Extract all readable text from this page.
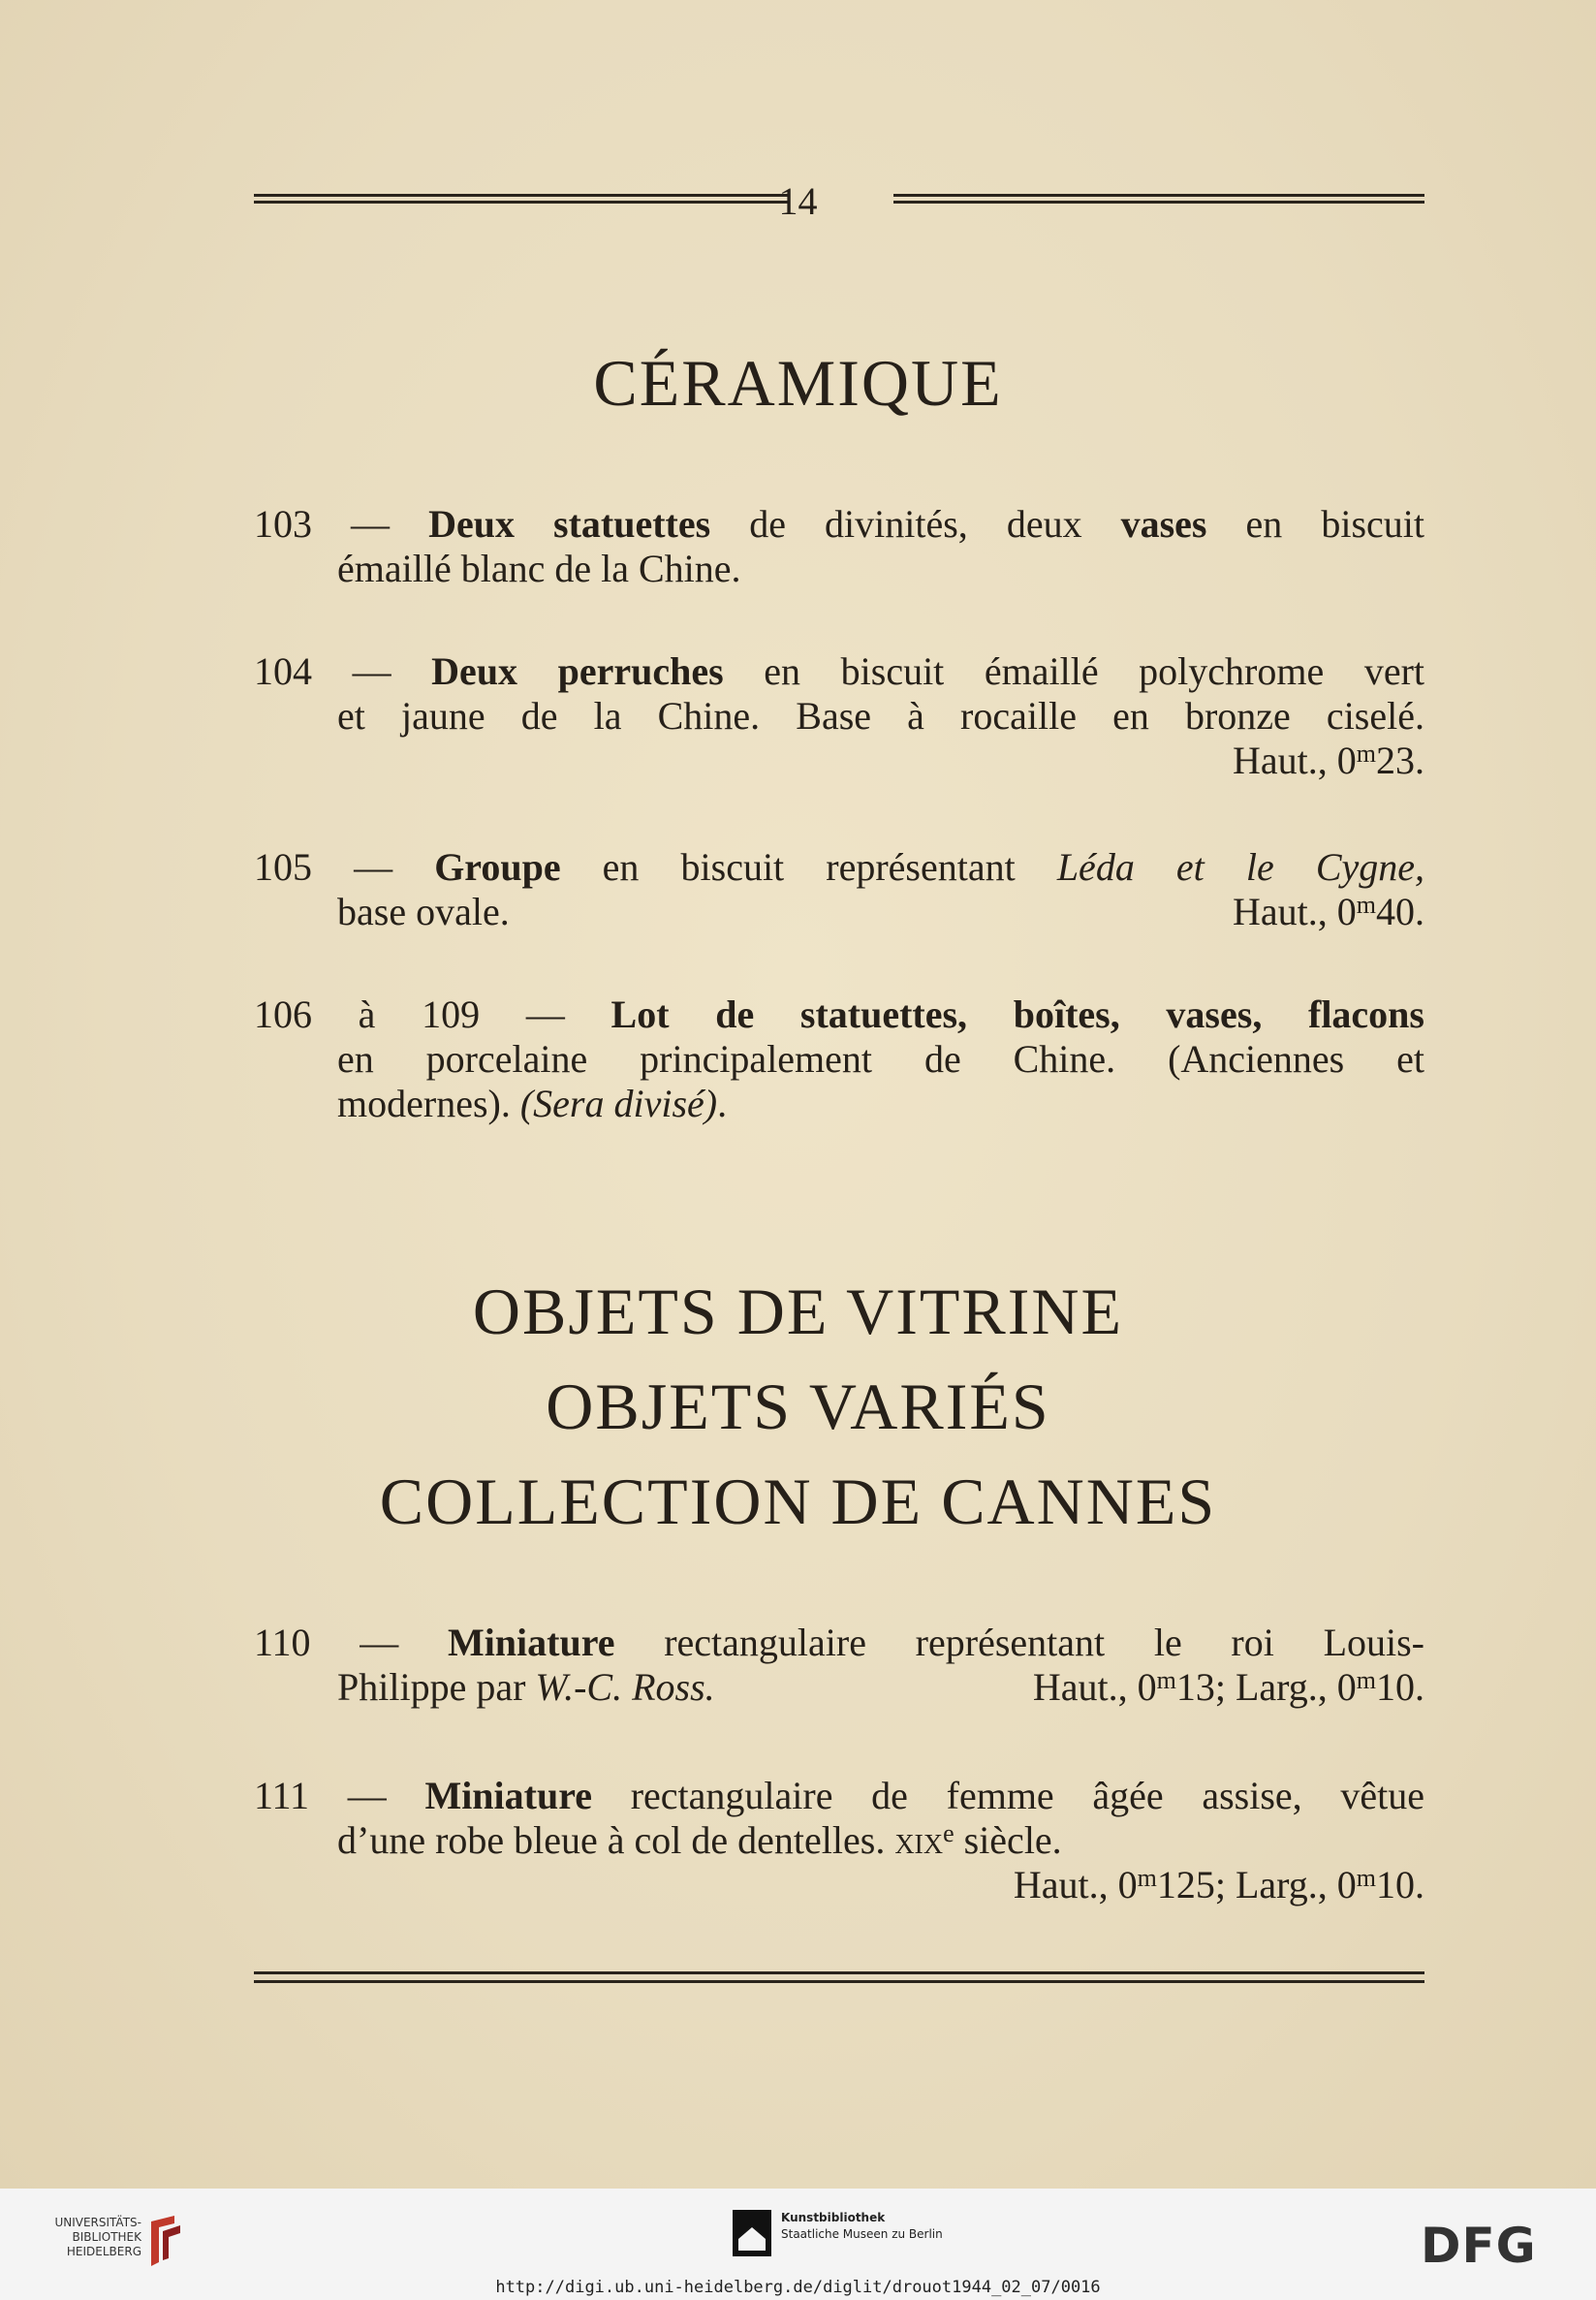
14
CÉRAMIQUE
103 — Deux statuettes de divinités, deux vases en biscuit
émaillé blanc de la Chine.
104 — Deux perruches en biscuit émaillé polychrome vert
et jaune de la Chine. Base à rocaille en bronze ciselé.
Haut., 0$^m$23.
105 — Groupe en biscuit représentant Léda et le Cygne,
base ovale.	Haut., 0$^m$40.
106 à 109 — Lot de statuettes, boîtes, vases, flacons
en porcelaine principalement de Chine. (Anciennes et
modernes). (Sera divisé).
OBJETS DE VITRINE
OBJETS VARIÉS
COLLECTION DE CANNES
110 — Miniature rectangulaire représentant le roi Louis-
Philippe par W.-C. Ross.	Haut., 0$^m$13; Larg., 0$^m$10.
111 — Miniature rectangulaire de femme âgée assise, vêtue
d’une robe bleue à col de dentelles. xix$^e$ siècle.
Haut., 0$^m$125; Larg., 0$^m$10.
UNIVERSITÄTS-
BIBLIOTHEK
HEIDELBERG
Kunstbibliothek
Staatliche Museen zu Berlin	DFG
http://digi.ub.uni-heidelberg.de/diglit/drouot1944_02_07/0016
